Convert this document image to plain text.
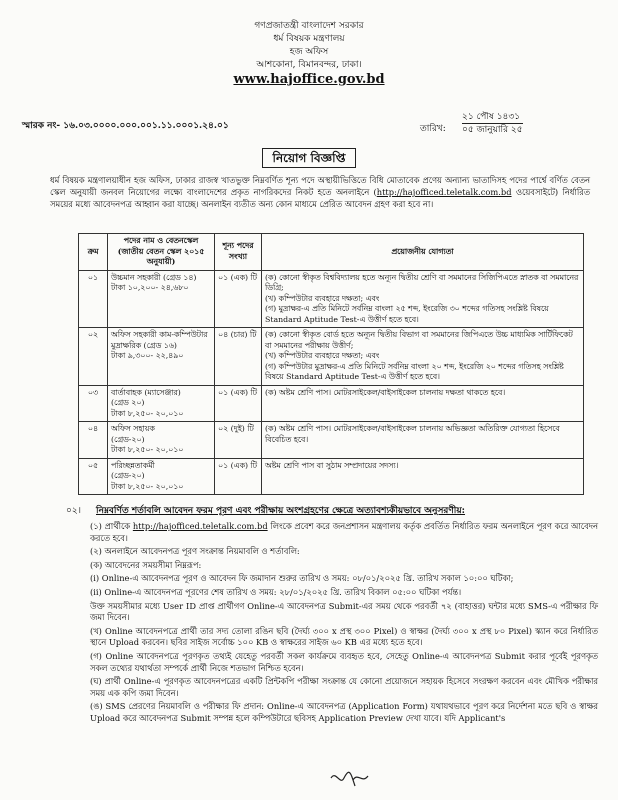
গণপ্রজাতন্ত্রী বাংলাদেশ সরকার
ধর্ম বিষয়ক মন্ত্রণালয়
হজ অফিস
আশকোনা, বিমানবন্দর, ঢাকা।
www.hajoffice.gov.bd
স্মারক নং- ১৬.০৩.০০০০.০০০.০০১.১১.০০০১.২৪.০১	তারিখ:
২১ পৌষ ১৪৩১
০৫ জানুয়ারি ২৫
নিয়োগ বিজ্ঞপ্তি
ধর্ম বিষয়ক মন্ত্রণালয়াধীন হজ অফিস, ঢাকার রাজস্ব খাতভুক্ত নিম্নবর্ণিত শূন্য পদে অস্থায়ীভিত্তিতে বিধি মোতাবেক প্রণেয় অন্যান্য ভাতাদিসহ পদের পার্শ্বে বর্ণিত বেতন স্কেল অনুযায়ী জনবল নিয়োগের লক্ষ্যে বাংলাদেশের প্রকৃত নাগরিকদের নিকট হতে অনলাইনে (http://hajofficed.teletalk.com.bd ওয়েবসাইটে) নির্ধারিত সময়ের মধ্যে আবেদনপত্র আহ্বান করা যাচ্ছে। অনলাইন ব্যতীত অন্য কোন মাধ্যমে প্রেরিত আবেদন গ্রহণ করা হবে না।
ক্রম	পদের নাম ও বেতনস্কেল (জাতীয় বেতন স্কেল ২০১৫ অনুযায়ী)	শূন্য পদের সংখ্যা	প্রয়োজনীয় যোগ্যতা
০১	উচ্চমান সহকারী (গ্রেড ১৪)
টাকা ১০,২০০- ২৪,৬৮০	০১ (এক) টি	(ক) কোনো স্বীকৃত বিশ্ববিদ্যালয় হতে অন্যূন দ্বিতীয় শ্রেণি বা সমমানের সিজিপিএতে স্নাতক বা সমমানের ডিগ্রি;
(খ) কম্পিউটার ব্যবহারে দক্ষতা; এবং
(গ) মুদ্রাক্ষর-এ প্রতি মিনিটে সর্বনিম্ন বাংলা ২৫ শব্দ, ইংরেজি ৩০ শব্দের গতিসহ সংশ্লিষ্ট বিষয়ে Standard Aptitude Test-এ উত্তীর্ণ হতে হবে।

০২	অফিস সহকারী কাম-কম্পিউটার মুদ্রাক্ষরিক (গ্রেড ১৬)
টাকা ৯,৩০০- ২২,৪৯০	০৪ (চার) টি	(ক) কোনো স্বীকৃত বোর্ড হতে অন্যূন দ্বিতীয় বিভাগ বা সমমানের জিপিএতে উচ্চ মাধ্যমিক সার্টিফিকেট বা সমমানের পরীক্ষায় উত্তীর্ণ;
(খ) কম্পিউটার ব্যবহারে দক্ষতা; এবং
(গ) কম্পিউটার মুদ্রাক্ষর-এ প্রতি মিনিটে সর্বনিম্ন বাংলা ২০ শব্দ, ইংরেজি ২০ শব্দের গতিসহ সংশ্লিষ্ট বিষয়ে Standard Aptitude Test-এ উত্তীর্ণ হতে হবে।

০৩	বার্তাবাহক (ম্যাসেঞ্জার)
(গ্রেড ২০)
টাকা ৮,২৫০- ২০,০১০	০১ (এক) টি	(ক) অষ্টম শ্রেণি পাস। মোটরসাইকেল/বাইসাইকেল চালনায় দক্ষতা থাকতে হবে।

০৪	অফিস সহায়ক
(গ্রেড-২০)
টাকা ৮,২৫০- ২০,০১০	০২ (দুই) টি	(ক) অষ্টম শ্রেণি পাস। মোটরসাইকেল/বাইসাইকেল চালনায় অভিজ্ঞতা অতিরিক্ত যোগ্যতা হিসেবে বিবেচিত হবে।

০৫	পরিচ্ছন্নতাকর্মী
(গ্রেড-২০)
টাকা ৮,২৫০- ২০,০১০	০১ (এক) টি	অষ্টম শ্রেণি পাস বা সুঠাম সম্প্রদায়ের সদস্য।
০২। নিম্নবর্ণিত শর্তাবলি আবেদন ফরম পূরণ এবং পরীক্ষায় অংশগ্রহণের ক্ষেত্রে অত্যাবশ্যকীয়ভাবে অনুসরণীয়:

(১) প্রার্থীকে http://hajofficed.teletalk.com.bd লিংকে প্রবেশ করে জনপ্রশাসন মন্ত্রণালয় কর্তৃক প্রবর্তিত নির্ধারিত ফরম অনলাইনে পূরণ করে আবেদন করতে হবে।

(২) অনলাইনে আবেদনপত্র পূরণ সংক্রান্ত নিয়মাবলি ও শর্তাবলি:

(ক) আবেদনের সময়সীমা নিম্নরূপ:

(i) Online-এ আবেদনপত্র পূরণ ও আবেদন ফি জমাদান শুরুর তারিখ ও সময়: ০৮/০১/২০২৫ খ্রি. তারিখ সকাল ১০:০০ ঘটিকা;

(ii) Online-এ আবেদনপত্র পূরণের শেষ তারিখ ও সময়: ২৮/০১/২০২৫ খ্রি. তারিখ বিকাল ০৫:০০ ঘটিকা পর্যন্ত।

উক্ত সময়সীমার মধ্যে User ID প্রাপ্ত প্রার্থীগণ Online-এ আবেদনপত্র Submit-এর সময় থেকে পরবর্তী ৭২ (বাহাত্তর) ঘন্টার মধ্যে SMS-এ পরীক্ষার ফি জমা দিবেন।

(খ) Online আবেদনপত্রে প্রার্থী তার সদ্য তোলা রঙিন ছবি (দৈর্ঘ্য ৩০০ x প্রস্থ ৩০০ Pixel) ও স্বাক্ষর (দৈর্ঘ্য ৩০০ x প্রস্থ ৮০ Pixel) স্ক্যান করে নির্ধারিত স্থানে Upload করবেন। ছবির সাইজ সর্বোচ্চ ১০০ KB ও স্বাক্ষরের সাইজ ৬০ KB এর মধ্যে হতে হবে।

(গ) Online আবেদনপত্রে পূরণকৃত তথ্যই যেহেতু পরবর্তী সকল কার্যক্রমে ব্যবহৃত হবে, সেহেতু Online-এ আবেদনপত্র Submit করার পূর্বেই পূরণকৃত সকল তথ্যের যথার্থতা সম্পর্কে প্রার্থী নিজে শতভাগ নিশ্চিত হবেন।

(ঘ) প্রার্থী Online-এ পূরণকৃত আবেদনপত্রের একটি প্রিন্টকপি পরীক্ষা সংক্রান্ত যে কোনো প্রয়োজনে সহায়ক হিসেবে সংরক্ষণ করবেন এবং মৌখিক পরীক্ষার সময় এক কপি জমা দিবেন।

(ঙ) SMS প্রেরণের নিয়মাবলি ও পরীক্ষার ফি প্রদান: Online-এ আবেদনপত্র (Application Form) যথাযথভাবে পূরণ করে নির্দেশনা মতে ছবি ও স্বাক্ষর Upload করে আবেদনপত্র Submit সম্পন্ন হলে কম্পিউটারে ছবিসহ Application Preview দেখা যাবে। যদি Applicant's
